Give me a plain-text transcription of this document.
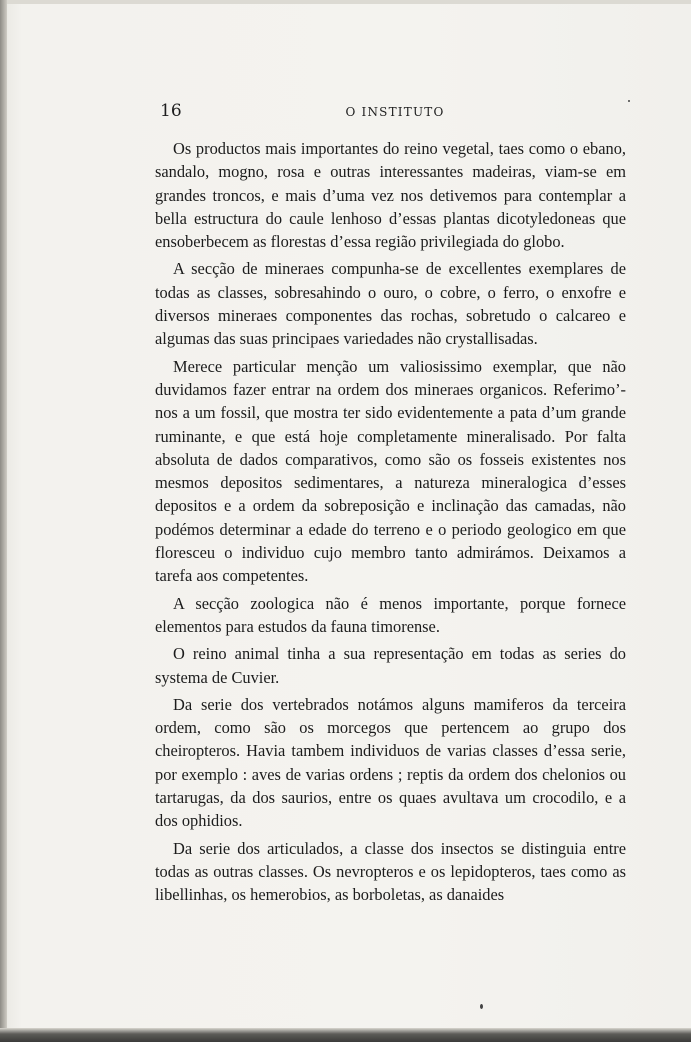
16	O INSTITUTO

Os productos mais importantes do reino vegetal, taes como o ebano, sandalo, mogno, rosa e outras interessantes madeiras, viam-se em grandes troncos, e mais d’uma vez nos detivemos para contemplar a bella estructura do caule lenhoso d’essas plantas dicotyledoneas que ensoberbecem as florestas d’essa região privilegiada do globo.

A secção de mineraes compunha-se de excellentes exemplares de todas as classes, sobresahindo o ouro, o cobre, o ferro, o enxofre e diversos mineraes componentes das rochas, sobretudo o calcareo e algumas das suas principaes variedades não crystallisadas.

Merece particular menção um valiosissimo exemplar, que não duvidamos fazer entrar na ordem dos mineraes organicos. Referimo’-nos a um fossil, que mostra ter sido evidentemente a pata d’um grande ruminante, e que está hoje completamente mineralisado. Por falta absoluta de dados comparativos, como são os fosseis existentes nos mesmos depositos sedimentares, a natureza mineralogica d’esses depositos e a ordem da sobreposição e inclinação das camadas, não podémos determinar a edade do terreno e o periodo geologico em que floresceu o individuo cujo membro tanto admirámos. Deixamos a tarefa aos competentes.

A secção zoologica não é menos importante, porque fornece elementos para estudos da fauna timorense.

O reino animal tinha a sua representação em todas as series do systema de Cuvier.

Da serie dos vertebrados notámos alguns mamiferos da terceira ordem, como são os morcegos que pertencem ao grupo dos cheiropteros. Havia tambem individuos de varias classes d’essa serie, por exemplo : aves de varias ordens ; reptis da ordem dos chelonios ou tartarugas, da dos saurios, entre os quaes avultava um crocodilo, e a dos ophidios.

Da serie dos articulados, a classe dos insectos se distinguia entre todas as outras classes. Os nevropteros e os lepidopteros, taes como as libellinhas, os hemerobios, as borboletas, as danaides
